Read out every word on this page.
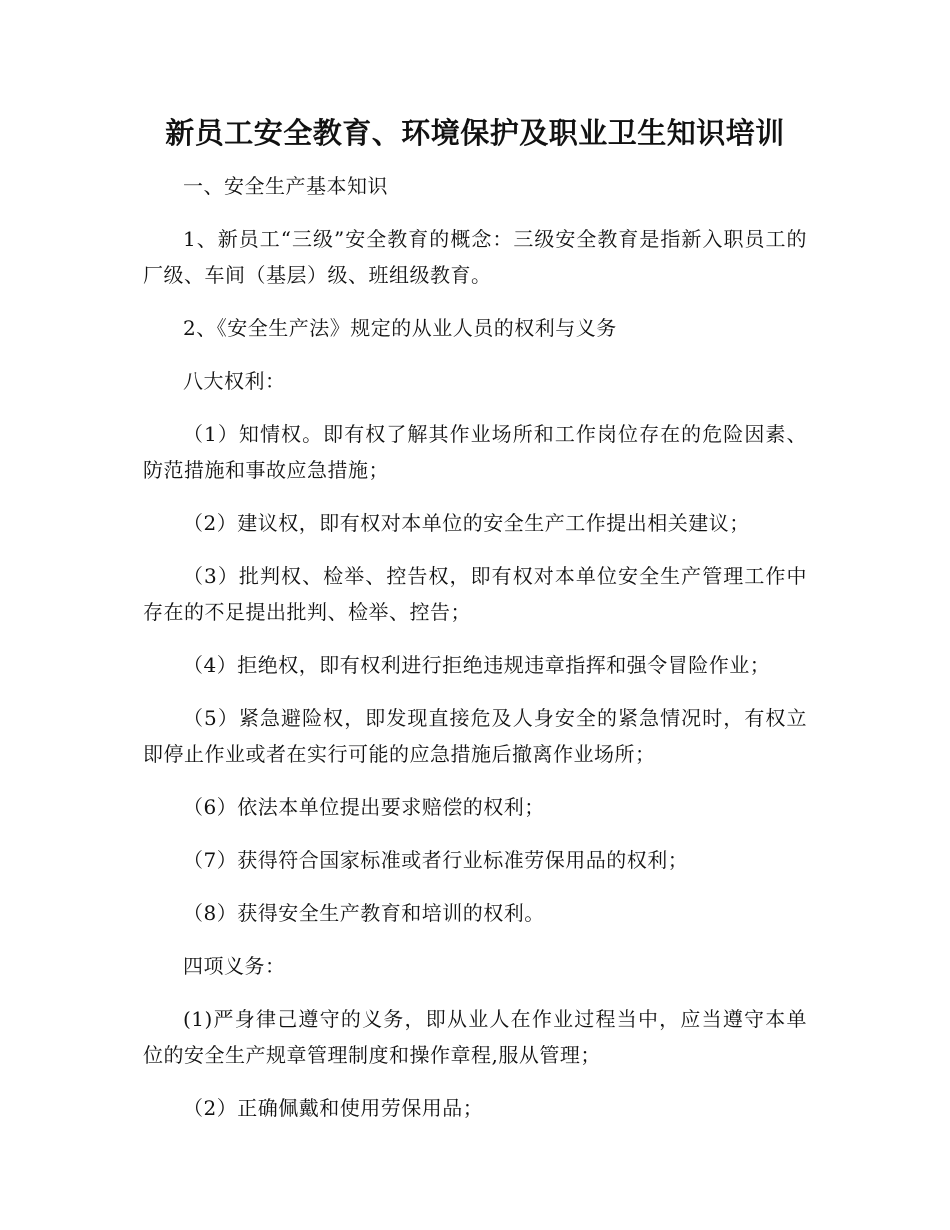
新员工安全教育、环境保护及职业卫生知识培训

一、安全生产基本知识

1、新员工“三级”安全教育的概念：三级安全教育是指新入职员工的厂级、车间（基层）级、班组级教育。

2、《安全生产法》规定的从业人员的权利与义务

八大权利：

（1）知情权。即有权了解其作业场所和工作岗位存在的危险因素、防范措施和事故应急措施；

（2）建议权，即有权对本单位的安全生产工作提出相关建议；

（3）批判权、检举、控告权，即有权对本单位安全生产管理工作中存在的不足提出批判、检举、控告；

（4）拒绝权，即有权利进行拒绝违规违章指挥和强令冒险作业；

（5）紧急避险权，即发现直接危及人身安全的紧急情况时，有权立即停止作业或者在实行可能的应急措施后撤离作业场所；

（6）依法本单位提出要求赔偿的权利；

（7）获得符合国家标准或者行业标准劳保用品的权利；

（8）获得安全生产教育和培训的权利。

四项义务：

(1)严身律己遵守的义务，即从业人在作业过程当中，应当遵守本单位的安全生产规章管理制度和操作章程,服从管理；

（2）正确佩戴和使用劳保用品；
